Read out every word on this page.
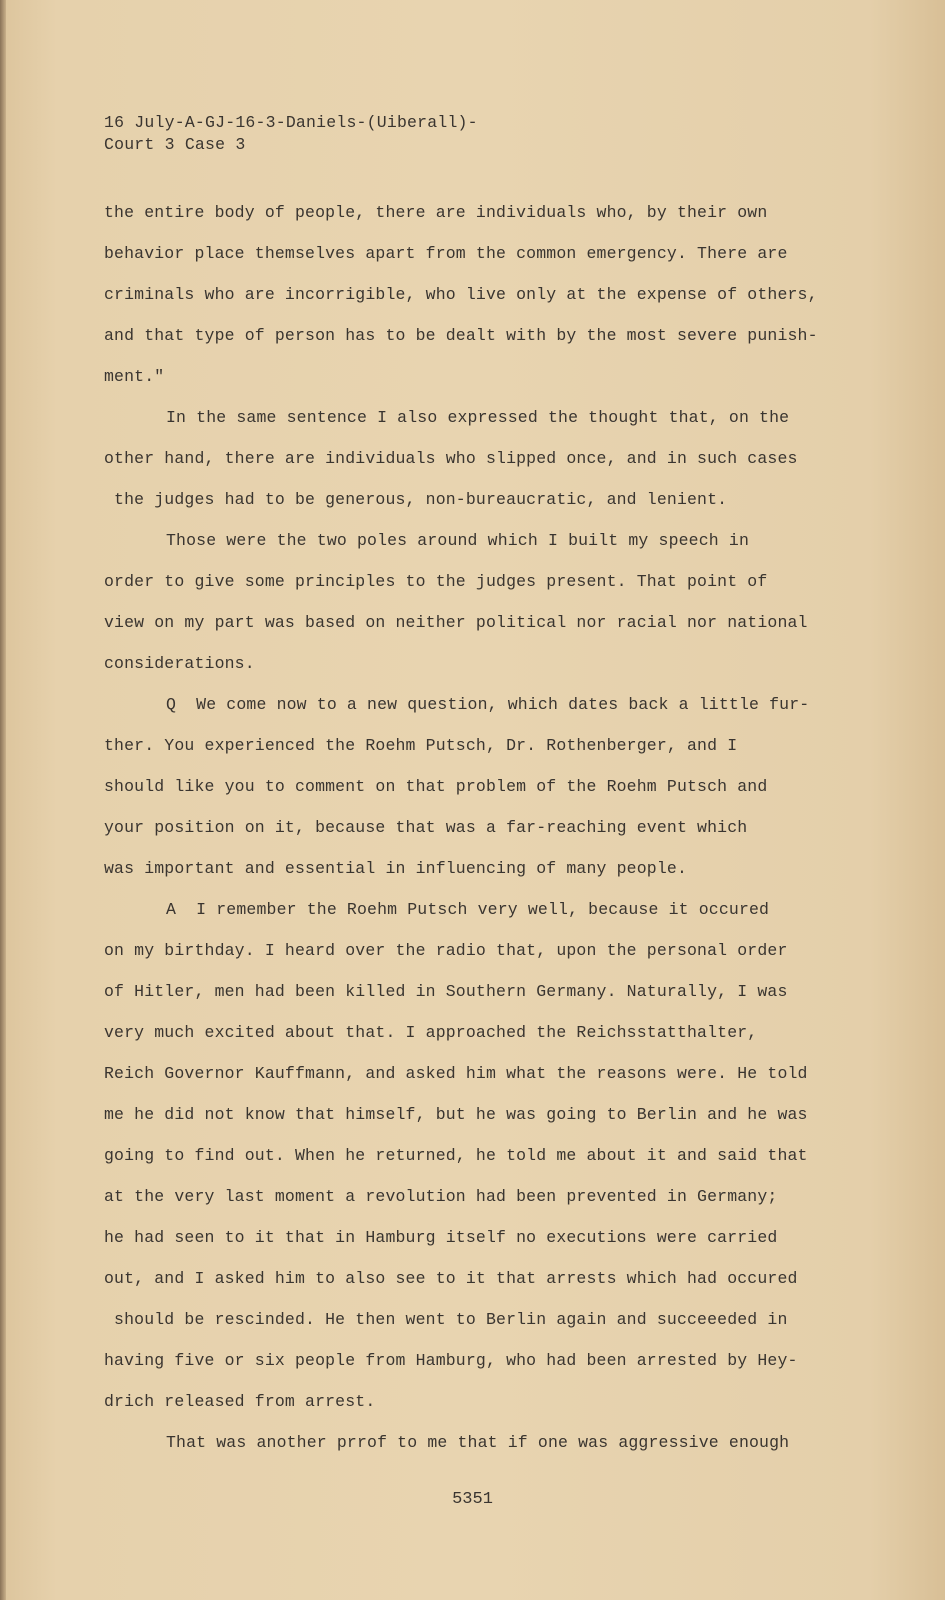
16 July-A-GJ-16-3-Daniels-(Uiberall)-
Court 3 Case 3
the entire body of people, there are individuals who, by their own
behavior place themselves apart from the common emergency. There are
criminals who are incorrigible, who live only at the expense of others,
and that type of person has to be dealt with by the most severe punish-
ment."
In the same sentence I also expressed the thought that, on the
other hand, there are individuals who slipped once, and in such cases
the judges had to be generous, non-bureaucratic, and lenient.
Those were the two poles around which I built my speech in
order to give some principles to the judges present. That point of
view on my part was based on neither political nor racial nor national
considerations.
Q  We come now to a new question, which dates back a little fur-
ther. You experienced the Roehm Putsch, Dr. Rothenberger, and I
should like you to comment on that problem of the Roehm Putsch and
your position on it, because that was a far-reaching event which
was important and essential in influencing of many people.
A  I remember the Roehm Putsch very well, because it occured
on my birthday. I heard over the radio that, upon the personal order
of Hitler, men had been killed in Southern Germany. Naturally, I was
very much excited about that. I approached the Reichsstatthalter,
Reich Governor Kauffmann, and asked him what the reasons were. He told
me he did not know that himself, but he was going to Berlin and he was
going to find out. When he returned, he told me about it and said that
at the very last moment a revolution had been prevented in Germany;
he had seen to it that in Hamburg itself no executions were carried
out, and I asked him to also see to it that arrests which had occured
should be rescinded. He then went to Berlin again and succeeeded in
having five or six people from Hamburg, who had been arrested by Hey-
drich released from arrest.
That was another prrof to me that if one was aggressive enough
5351
